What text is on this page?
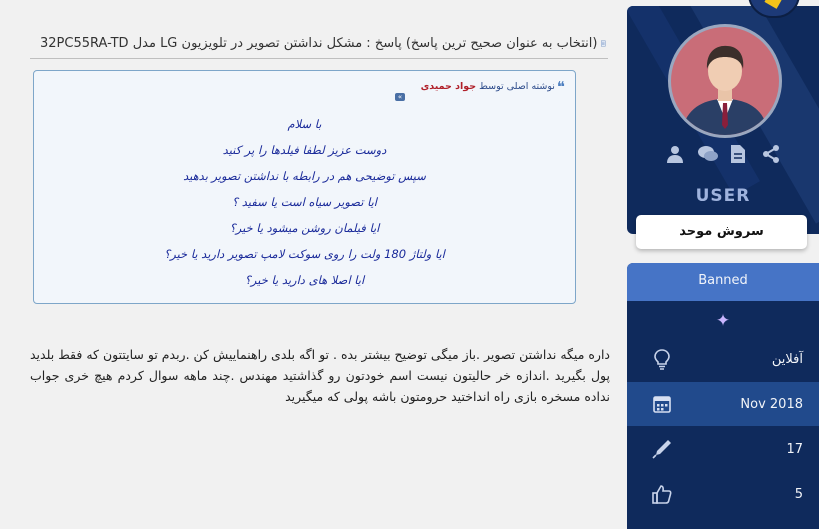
(انتخاب به عنوان صحیح ترین پاسخ) پاسخ : مشکل نداشتن تصویر در تلویزیون LG مدل 32PC55RA-TD
❝
نوشته اصلی توسط
جواد حمیدی
«
با سلام
دوست عزیز لطفا فیلدها را پر کنید
سپس توضیحی هم در رابطه با نداشتن تصویر بدهید
ایا تصویر سیاه است یا سفید ؟
ایا فیلمان روشن میشود یا خیر؟
ایا ولتاژ 180 ولت را روی سوکت لامپ تصویر دارید یا خیر؟
ایا اصلا های دارید یا خیر؟
داره میگه نداشتن تصویر .باز میگی توضیح بیشتر بده . تو اگه بلدی راهنماییش کن .ربدم تو سایتتون که فقط بلدید پول بگیرید .اندازه خر حالیتون نیست اسم خودتون رو گذاشتید مهندس .چند ماهه سوال کردم هیچ خری جواب نداده مسخره بازی راه انداختید حرومتون باشه پولی که میگیرید
USER
سروش موحد
Banned
✦
آفلاین
Nov 2018
17
5
